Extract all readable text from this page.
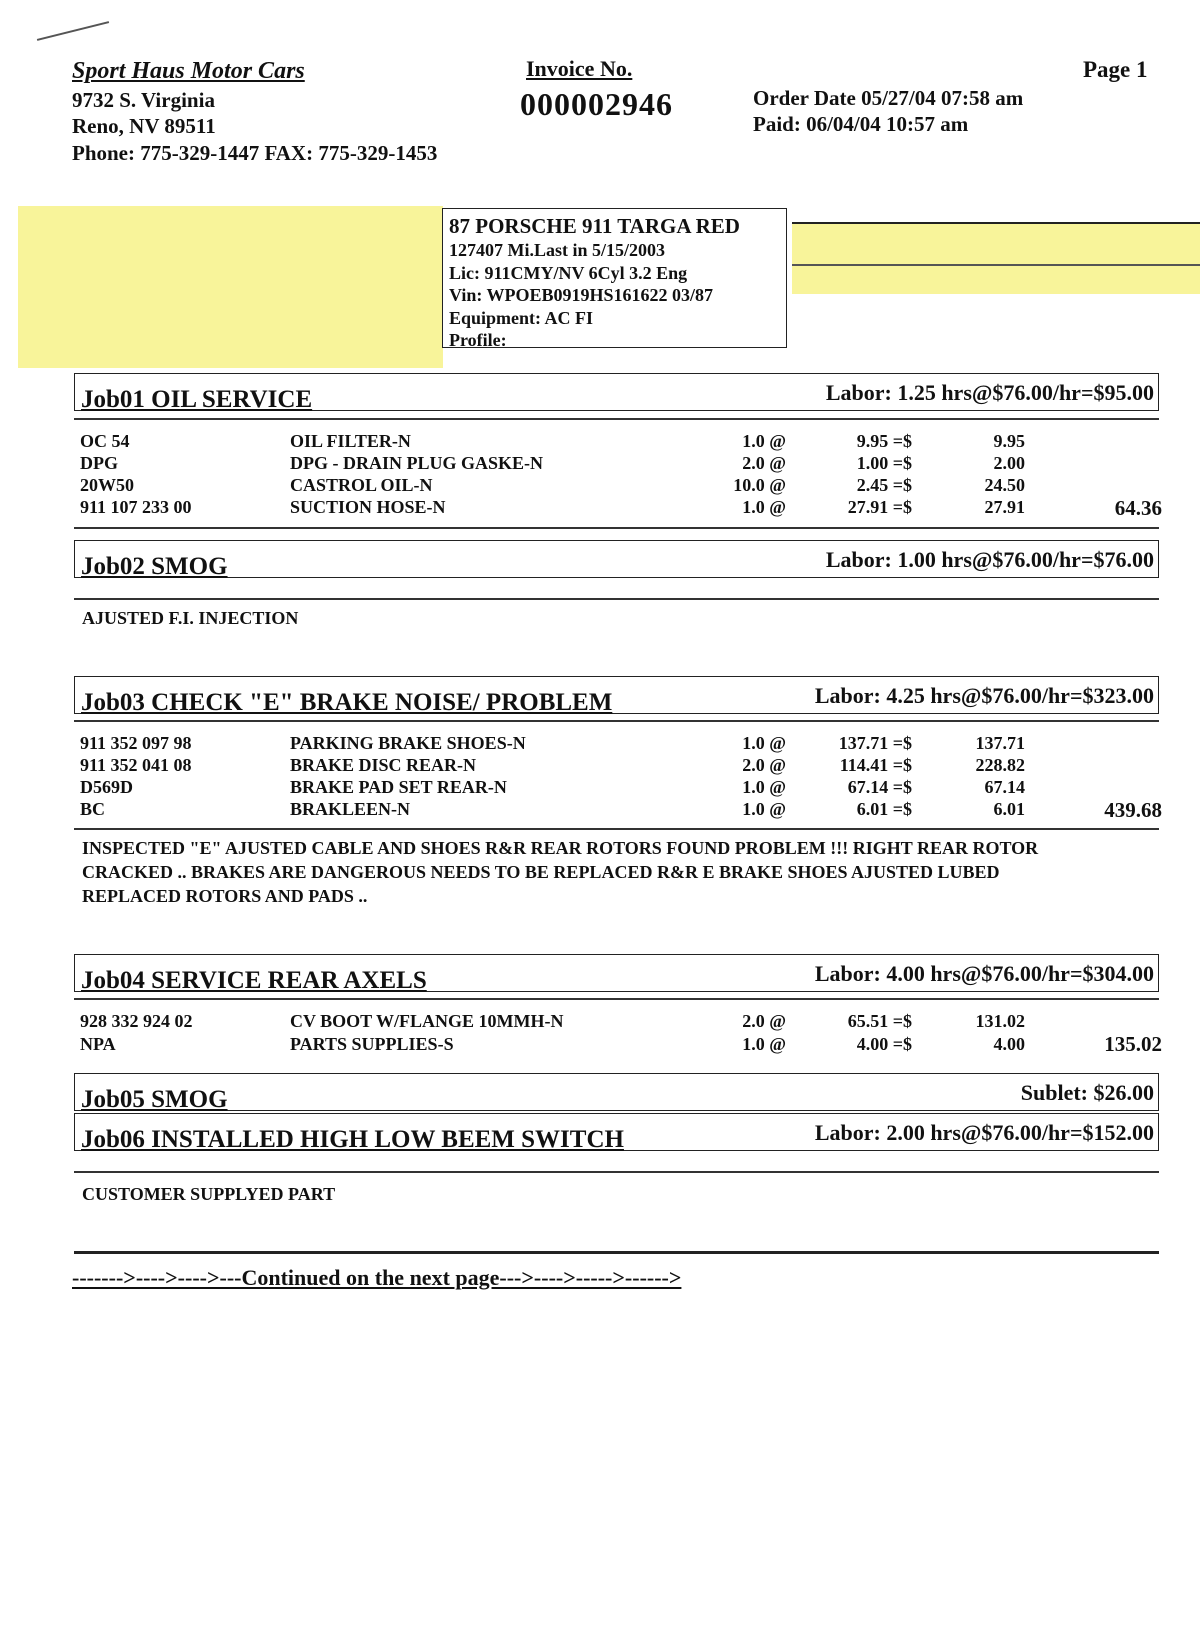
Sport Haus Motor Cars
9732 S. Virginia
Reno, NV 89511
Phone: 775-329-1447 FAX: 775-329-1453
Invoice No.
000002946
Page 1
Order Date 05/27/04 07:58 am
Paid: 06/04/04 10:57 am
87 PORSCHE 911 TARGA RED
127407 Mi.Last in 5/15/2003
Lic: 911CMY/NV 6Cyl 3.2 Eng
Vin: WPOEB0919HS161622 03/87
Equipment: AC FI
Profile:
Job01 OIL SERVICE	Labor: 1.25 hrs@$76.00/hr=$95.00
OC 54	OIL FILTER-N	1.0 @	9.95 =$	9.95
DPG	DPG - DRAIN PLUG GASKE-N	2.0 @	1.00 =$	2.00
20W50	CASTROL OIL-N	10.0 @	2.45 =$	24.50
911 107 233 00	SUCTION HOSE-N	1.0 @	27.91 =$	27.91	64.36
Job02 SMOG	Labor: 1.00 hrs@$76.00/hr=$76.00
AJUSTED F.I. INJECTION
Job03 CHECK "E" BRAKE NOISE/ PROBLEM	Labor: 4.25 hrs@$76.00/hr=$323.00
911 352 097 98	PARKING BRAKE SHOES-N	1.0 @	137.71 =$	137.71
911 352 041 08	BRAKE DISC REAR-N	2.0 @	114.41 =$	228.82
D569D	BRAKE PAD SET REAR-N	1.0 @	67.14 =$	67.14
BC	BRAKLEEN-N	1.0 @	6.01 =$	6.01	439.68
INSPECTED "E" AJUSTED CABLE AND SHOES R&R REAR ROTORS FOUND PROBLEM !!! RIGHT REAR ROTOR
CRACKED .. BRAKES ARE DANGEROUS NEEDS TO BE REPLACED R&R E BRAKE SHOES AJUSTED LUBED
REPLACED ROTORS AND PADS ..
Job04 SERVICE REAR AXELS	Labor: 4.00 hrs@$76.00/hr=$304.00
928 332 924 02	CV BOOT W/FLANGE 10MMH-N	2.0 @	65.51 =$	131.02
NPA	PARTS SUPPLIES-S	1.0 @	4.00 =$	4.00	135.02
Job05 SMOG	Sublet: $26.00
Job06 INSTALLED HIGH LOW BEEM SWITCH	Labor: 2.00 hrs@$76.00/hr=$152.00
CUSTOMER SUPPLYED PART
------->---->---->---Continued on the next page--->---->----->------>
